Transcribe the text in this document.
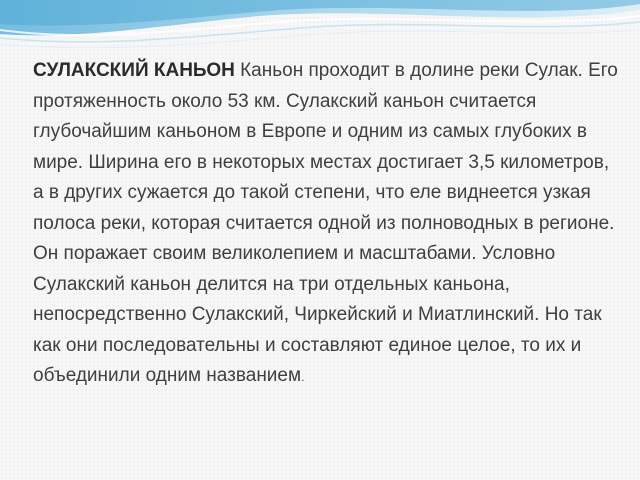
СУЛАКСКИЙ КАНЬОН Каньон проходит в долине реки Сулак. Его протяженность около 53 км. Сулакский каньон считается глубочайшим каньоном в Европе и одним из самых глубоких в мире. Ширина его в некоторых местах достигает 3,5 километров, а в других сужается до такой степени, что еле виднеется узкая полоса реки, которая считается одной из полноводных в регионе. Он поражает своим великолепием и масштабами. Условно Сулакский каньон делится на три отдельных каньона, непосредственно Сулакский, Чиркейский и Миатлинский. Но так как они последовательны и составляют единое целое, то их и объединили одним названием.
